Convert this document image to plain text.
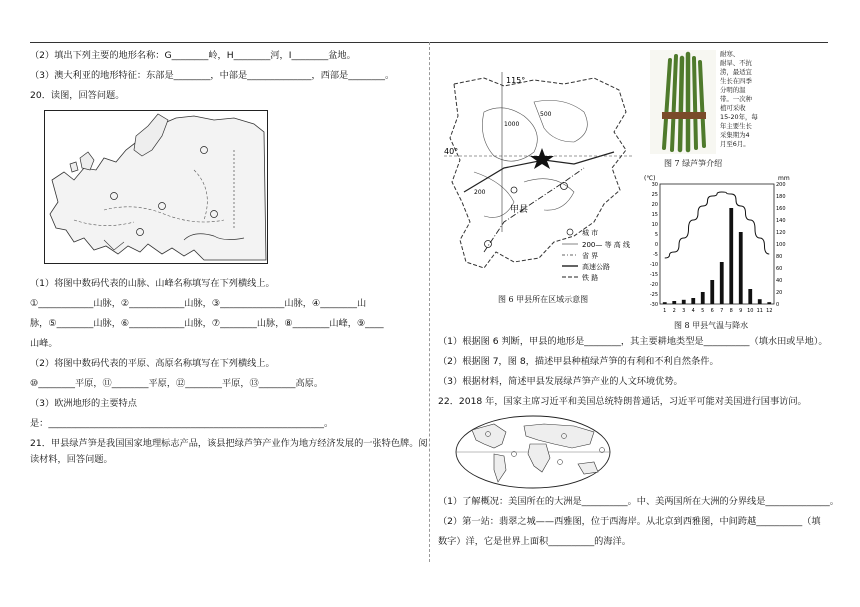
（2）填出下列主要的地形名称：G________岭，H________河，I________盆地。
（3）澳大利亚的地形特征：东部是________，中部是______________，西部是________。
20．读图，回答问题。
（1）将图中数码代表的山脉、山峰名称填写在下列横线上。
①____________山脉，②____________山脉，③______________山脉，④________山
脉，⑤________山脉，⑥____________山脉，⑦________山脉，⑧________山峰，⑨____
山峰。
（2）将图中数码代表的平原、高原名称填写在下列横线上。
⑩________平原，⑪________平原，⑫________平原，⑬________高原。
（3）欧洲地形的主要特点
是：____________________________________________________________。
21．甲县绿芦笋是我国国家地理标志产品，该县把绿芦笋产业作为地方经济发展的一张特色牌。阅
读材料，回答问题。
115°
40°
甲县
1000
500
200
城 市
200— 等 高 线
省 界
高速公路
铁 路
图 6 甲县所在区域示意图
耐寒、
耐旱、不抗
涝，最适宜
生长在四季
分明的温
带。一次种
植可采收
15-20年，每
年主要生长
采集期为4
月至6月。
图 7 绿芦笋介绍
(℃)	mm
30
25
20
15
10
5
0
-5
-10
-15
-20
-25
-30
200
180
160
140
120
100
80
60
40
20
0
1 2 3 4 5 6 7 8 9 10 11 12
图 8 甲县气温与降水
（1）根据图 6 判断，甲县的地形是________，其主要耕地类型是__________（填水田或旱地）。
（2）根据图 7，图 8，描述甲县种植绿芦笋的有利和不利自然条件。
（3）根据材料，简述甲县发展绿芦笋产业的人文环境优势。
22．2018 年，国家主席习近平和美国总统特朗普通话，习近平可能对美国进行国事访问。
（1）了解概况：美国所在的大洲是__________。中、美两国所在大洲的分界线是______________。
（2）第一站：翡翠之城——西雅图，位于西海岸。从北京到西雅图，中间跨越__________（填
数字）洋，它是世界上面积__________的海洋。
